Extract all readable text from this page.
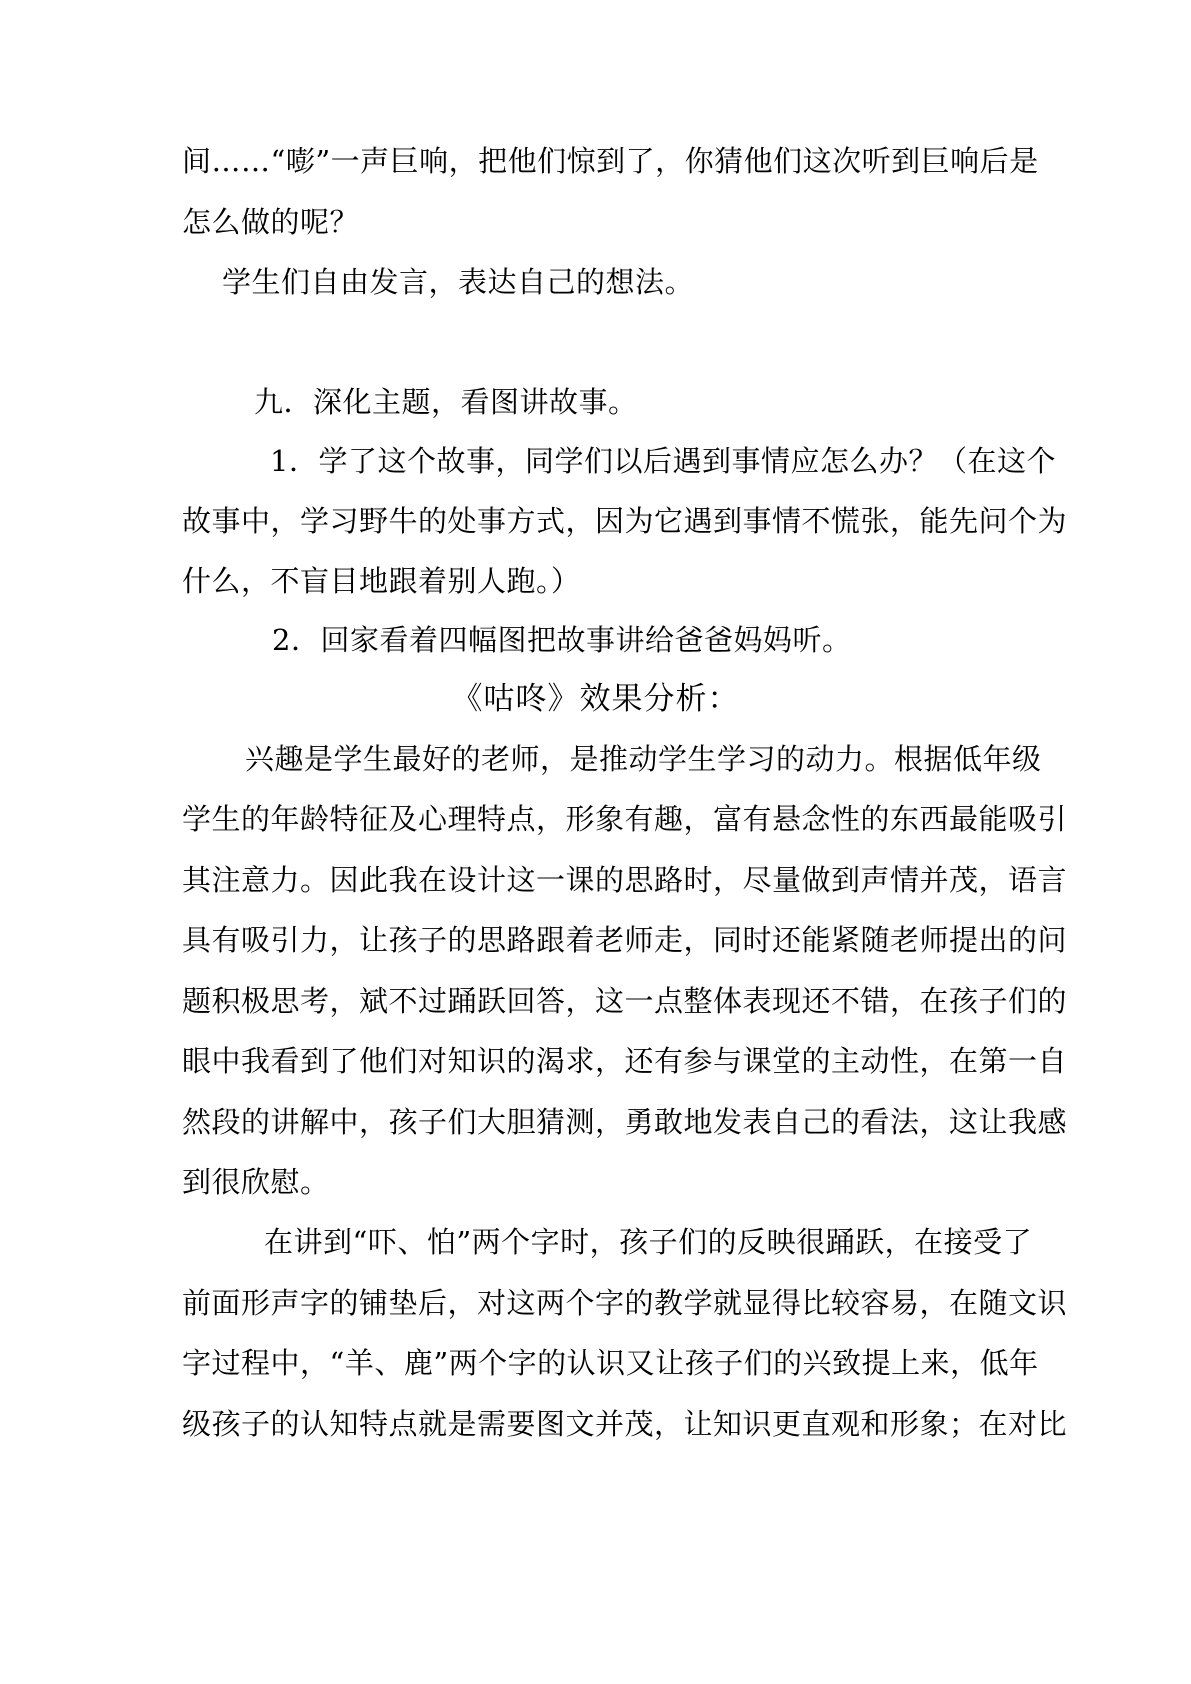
间……“嘭”一声巨响，把他们惊到了，你猜他们这次听到巨响后是
怎么做的呢？
学生们自由发言，表达自己的想法。
九．深化主题，看图讲故事。
1．学了这个故事，同学们以后遇到事情应怎么办？（在这个
故事中，学习野牛的处事方式，因为它遇到事情不慌张，能先问个为
什么，不盲目地跟着别人跑。）
2．回家看着四幅图把故事讲给爸爸妈妈听。
《咕咚》效果分析：
兴趣是学生最好的老师，是推动学生学习的动力。根据低年级
学生的年龄特征及心理特点，形象有趣，富有悬念性的东西最能吸引
其注意力。因此我在设计这一课的思路时，尽量做到声情并茂，语言
具有吸引力，让孩子的思路跟着老师走，同时还能紧随老师提出的问
题积极思考，斌不过踊跃回答，这一点整体表现还不错，在孩子们的
眼中我看到了他们对知识的渴求，还有参与课堂的主动性，在第一自
然段的讲解中，孩子们大胆猜测，勇敢地发表自己的看法，这让我感
到很欣慰。
在讲到“吓、怕”两个字时，孩子们的反映很踊跃，在接受了
前面形声字的铺垫后，对这两个字的教学就显得比较容易，在随文识
字过程中，“羊、鹿”两个字的认识又让孩子们的兴致提上来，低年
级孩子的认知特点就是需要图文并茂，让知识更直观和形象；在对比
